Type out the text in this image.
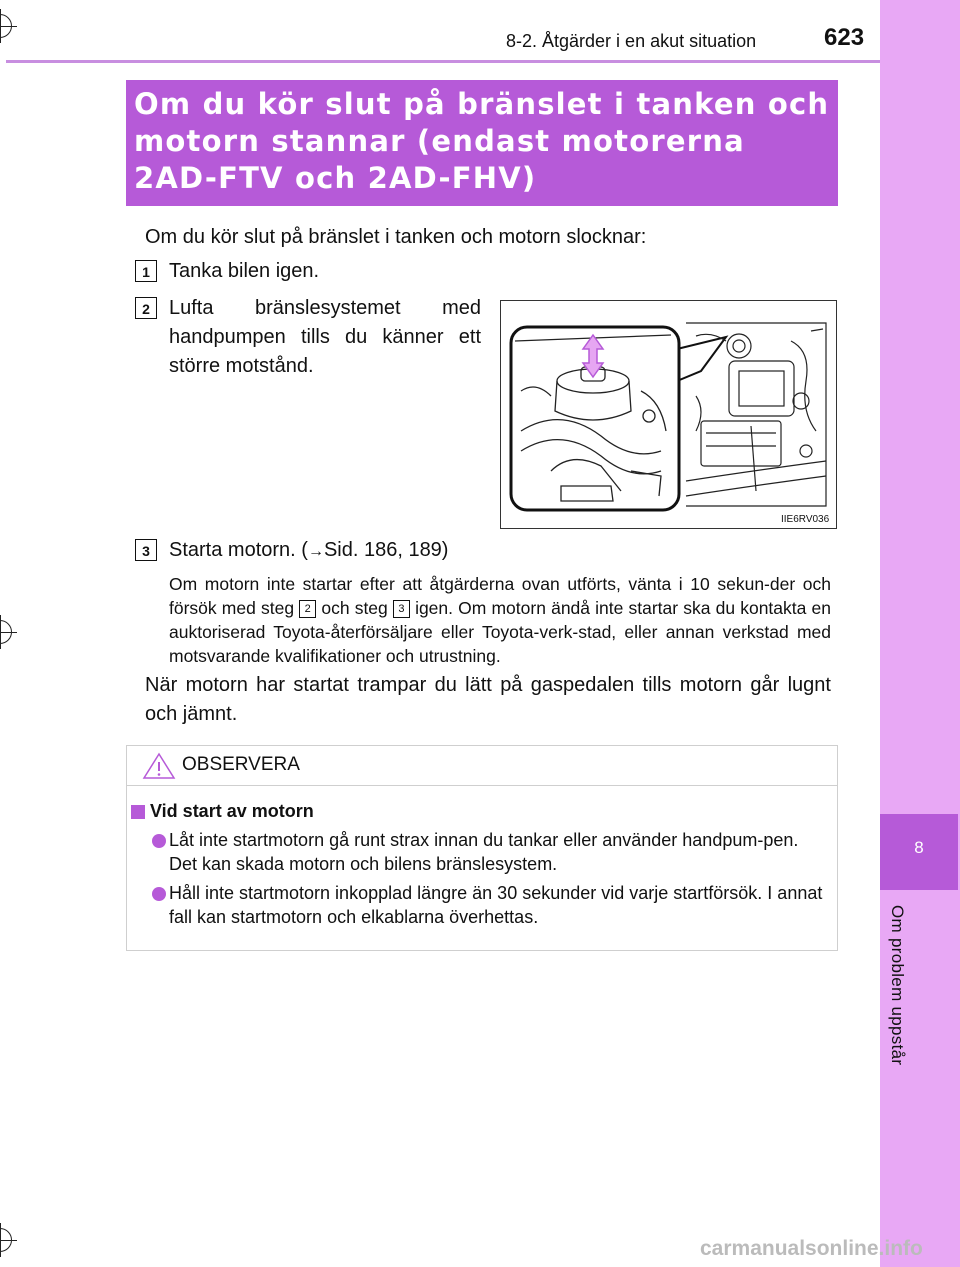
8
Om problem uppstår
8-2. Åtgärder i en akut situation	623
Om du kör slut på bränslet i tanken och motorn stannar (endast motorerna 2AD-FTV och 2AD-FHV)
Om du kör slut på bränslet i tanken och motorn slocknar:
1 Tanka bilen igen.
2 Lufta bränslesystemet med handpumpen tills du känner ett större motstånd.
IIE6RV036
3 Starta motorn. (→Sid. 186, 189)
Om motorn inte startar efter att åtgärderna ovan utförts, vänta i 10 sekun-der och försök med steg 2 och steg 3 igen. Om motorn ändå inte startar ska du kontakta en auktoriserad Toyota-återförsäljare eller Toyota-verk-stad, eller annan verkstad med motsvarande kvalifikationer och utrustning.
När motorn har startat trampar du lätt på gaspedalen tills motorn går lugnt och jämnt.
OBSERVERA
Vid start av motorn
Låt inte startmotorn gå runt strax innan du tankar eller använder handpum-pen. Det kan skada motorn och bilens bränslesystem.
Håll inte startmotorn inkopplad längre än 30 sekunder vid varje startförsök. I annat fall kan startmotorn och elkablarna överhettas.
carmanualsonline.info
